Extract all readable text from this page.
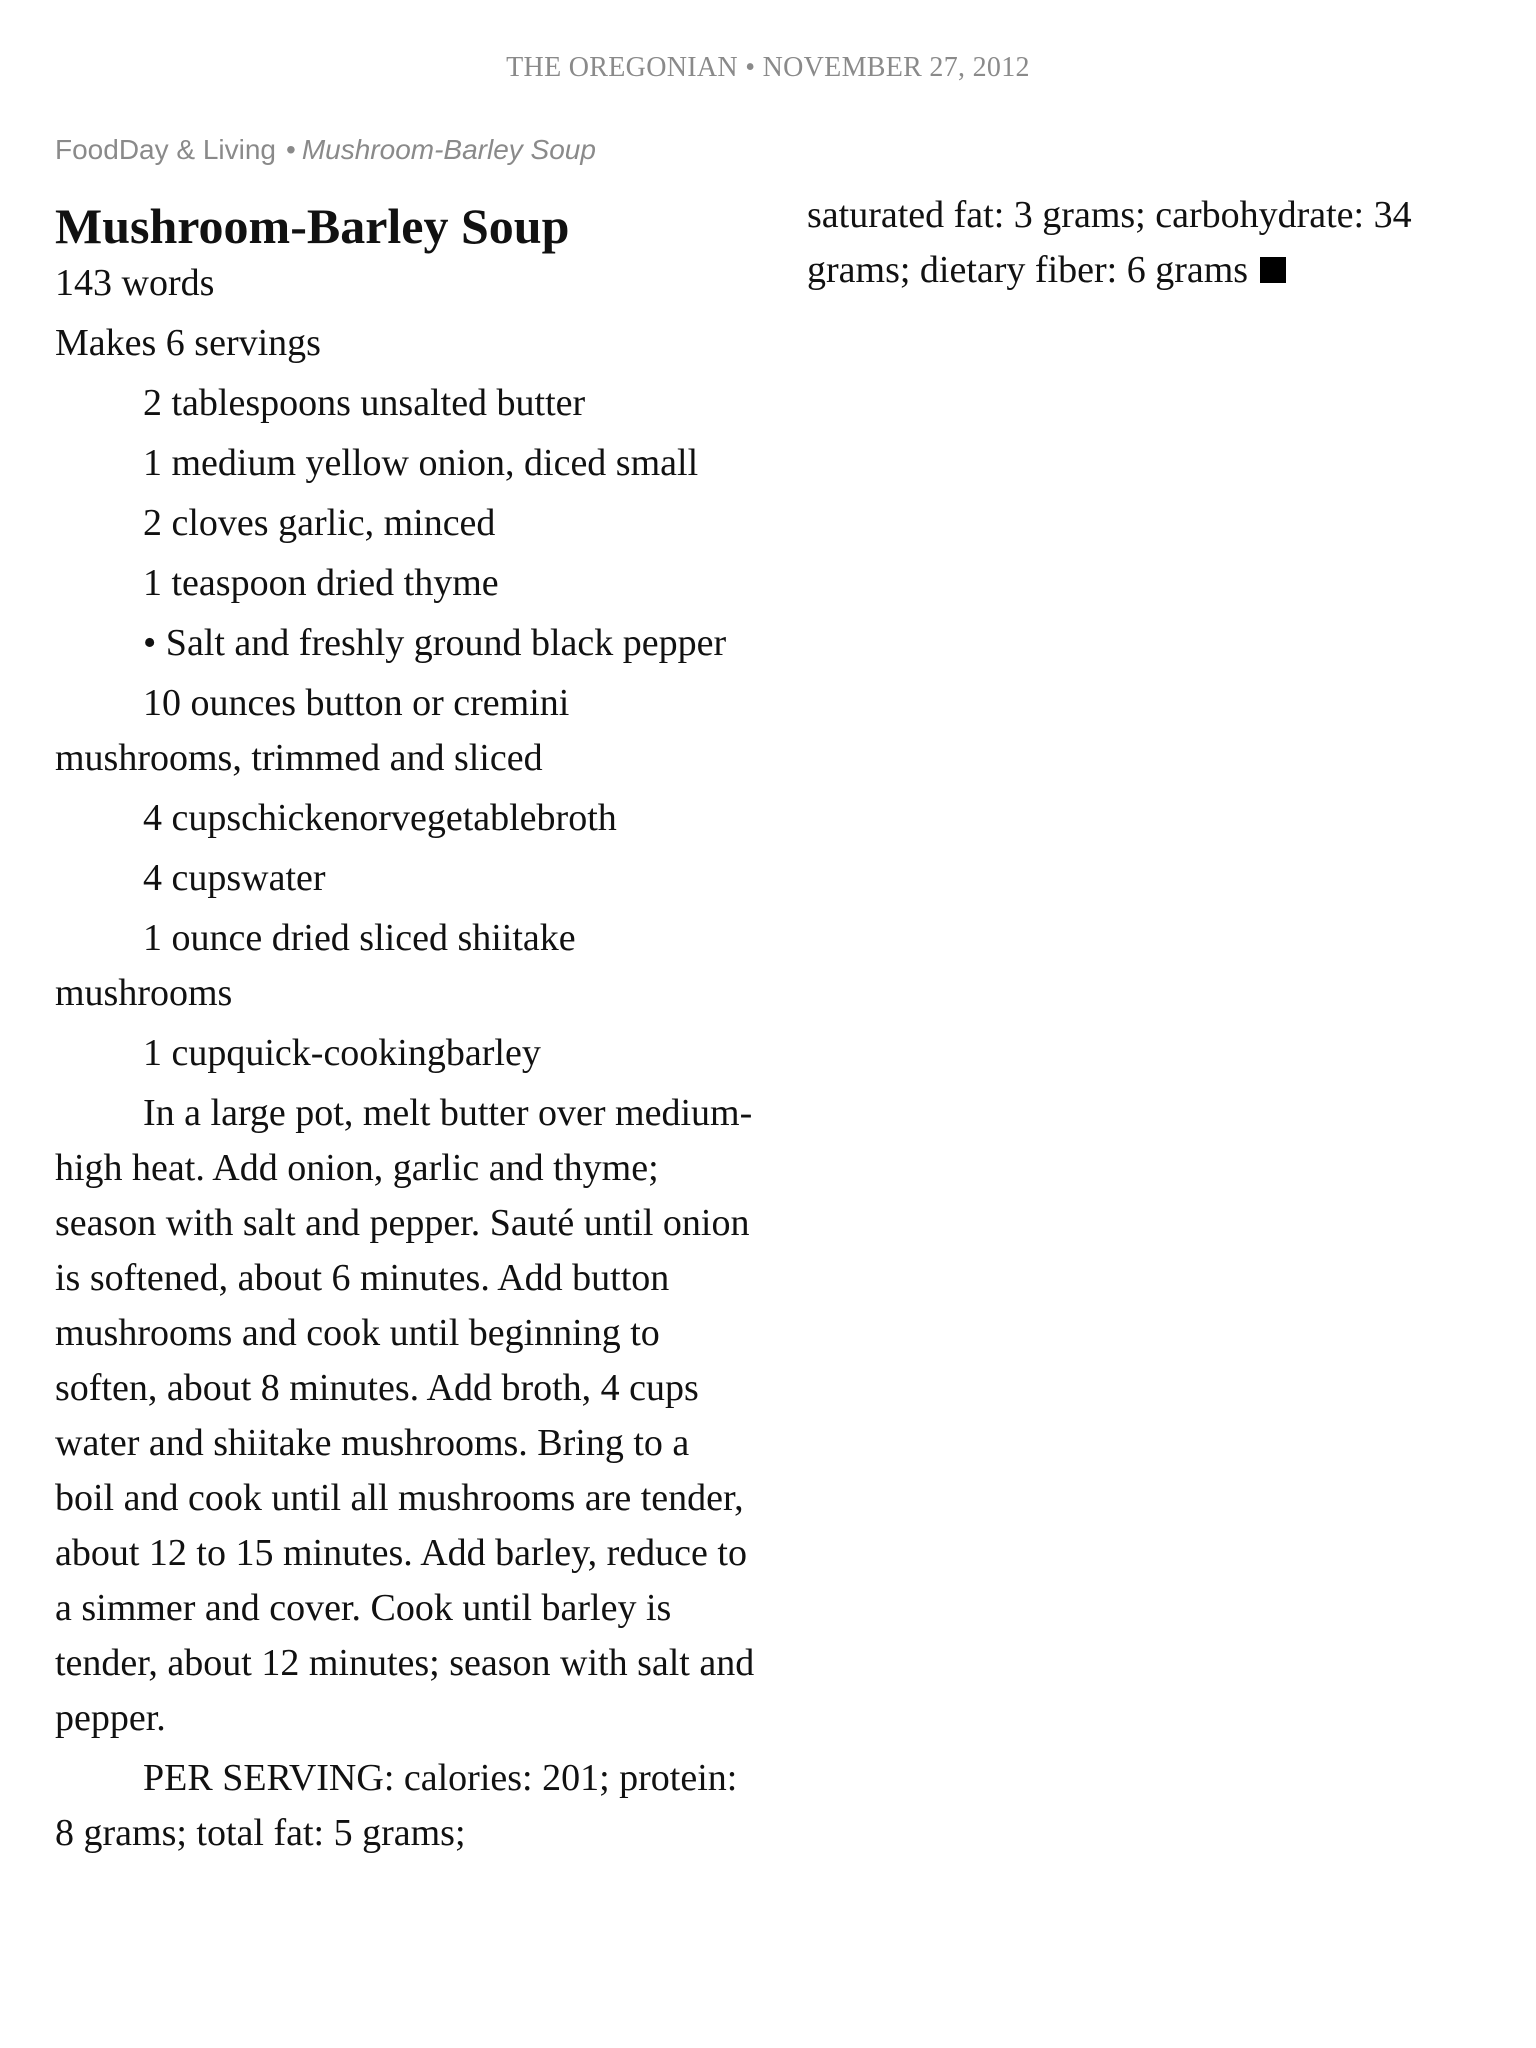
THE OREGONIAN • NOVEMBER 27, 2012
FoodDay & Living • Mushroom-Barley Soup
Mushroom-Barley Soup
143 words
Makes 6 servings
2 tablespoons unsalted butter
1 medium yellow onion, diced small
2 cloves garlic, minced
1 teaspoon dried thyme
• Salt and freshly ground black pepper
10 ounces button or cremini mushrooms, trimmed and sliced
4 cupschickenorvegetablebroth
4 cupswater
1 ounce dried sliced shiitake mushrooms
1 cupquick-cookingbarley
In a large pot, melt butter over medium-high heat. Add onion, garlic and thyme; season with salt and pepper. Sauté until onion is softened, about 6 minutes. Add button mushrooms and cook until beginning to soften, about 8 minutes. Add broth, 4 cups water and shiitake mushrooms. Bring to a boil and cook until all mushrooms are tender, about 12 to 15 minutes. Add barley, reduce to a simmer and cover. Cook until barley is tender, about 12 minutes; season with salt and pepper.
PER SERVING: calories: 201; protein: 8 grams; total fat: 5 grams;
saturated fat: 3 grams; carbohydrate: 34 grams; dietary fiber: 6 grams
